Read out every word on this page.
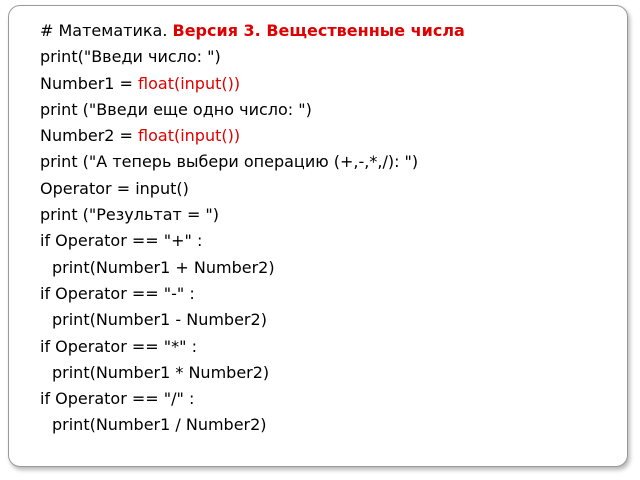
# Математика. Версия 3. Вещественные числа
print("Введи число: ")
Number1 = float(input())
print ("Введи еще одно число: ")
Number2 = float(input())
print ("А теперь выбери операцию (+,-,*,/): ")
Operator = input()
print ("Результат = ")
if Operator == "+" :
print(Number1 + Number2)
if Operator == "-" :
print(Number1 - Number2)
if Operator == "*" :
print(Number1 * Number2)
if Operator == "/" :
print(Number1 / Number2)
